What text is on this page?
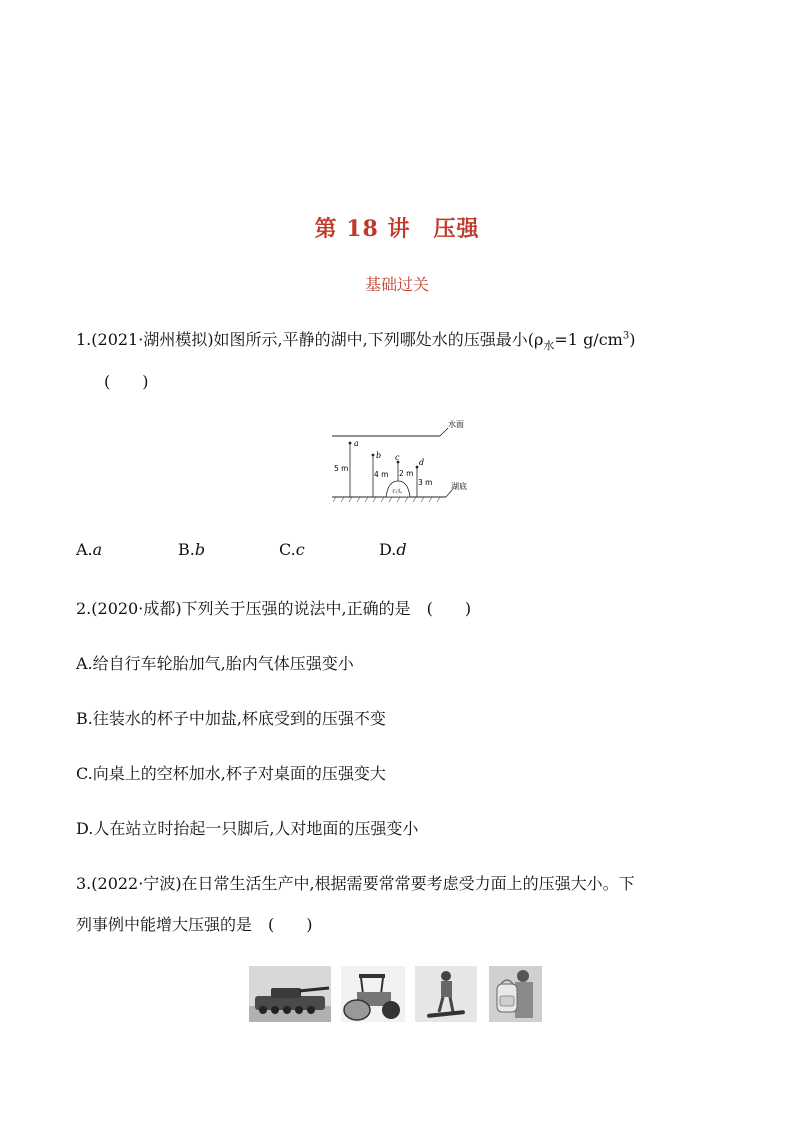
第 18 讲　压强
基础过关
1.(2021·湖州模拟)如图所示,平静的湖中,下列哪处水的压强最小($\rho_水=1$ $g/cm^3$)
(　　)
水面
湖底
石头
a
b c
d
5 m
4 m 2 m
3 m
A.a	B.b	C.c	D.d
2.(2020·成都)下列关于压强的说法中,正确的是　(　　)
A.给自行车轮胎加气,胎内气体压强变小
B.往装水的杯子中加盐,杯底受到的压强不变
C.向桌上的空杯加水,杯子对桌面的压强变大
D.人在站立时抬起一只脚后,人对地面的压强变小
3.(2022·宁波)在日常生活生产中,根据需要常常要考虑受力面上的压强大小。下
列事例中能增大压强的是　(　　)
